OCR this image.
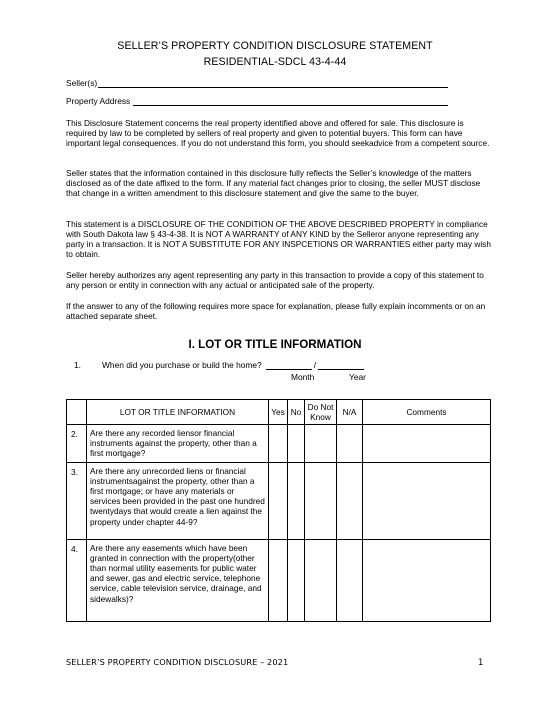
SELLER’S PROPERTY CONDITION DISCLOSURE STATEMENT
RESIDENTIAL-SDCL 43-4-44
Seller(s)
Property Address
This Disclosure Statement concerns the real property identified above and offered for sale. This disclosure is required by law to be completed by sellers of real property and given to potential buyers. This form can have important legal consequences. If you do not understand this form, you should seekadvice from a competent source.
Seller states that the information contained in this disclosure fully reflects the Seller’s knowledge of the matters disclosed as of the date affixed to the form. If any material fact changes prior to closing, the seller MUST disclose that change in a written amendment to this disclosure statement and give the same to the buyer.
This statement is a DISCLOSURE OF THE CONDITION OF THE ABOVE DESCRIBED PROPERTY in compliance with South Dakota law § 43-4-38. It is NOT A WARRANTY of ANY KIND by the Selleror anyone representing any party in a transaction. It is NOT A SUBSTITUTE FOR ANY INSPCETIONS OR WARRANTIES either party may wish to obtain.
Seller hereby authorizes any agent representing any party in this transaction to provide a copy of this statement to any person or entity in connection with any actual or anticipated sale of the property.
If the answer to any of the following requires more space for explanation, please fully explain incomments or on an attached separate sheet.
I. LOT OR TITLE INFORMATION
1.	When did you purchase or build the home?	/
Month	Year
	LOT OR TITLE INFORMATION	Yes	No	Do Not Know	N/A	Comments
2.	Are there any recorded liensor financial instruments against the property, other than a first mortgage?					
3.	Are there any unrecorded liens or financial instrumentsagainst the property, other than a first mortgage; or have any materials or services been provided in the past one hundred twentydays that would create a lien against the property under chapter 44-9?					
4.	Are there any easements which have been granted in connection with the property(other than normal utility easements for public water and sewer, gas and electric service, telephone service, cable television service, drainage, and sidewalks)?					
SELLER’S PROPERTY CONDITION DISCLOSURE – 2021	1
